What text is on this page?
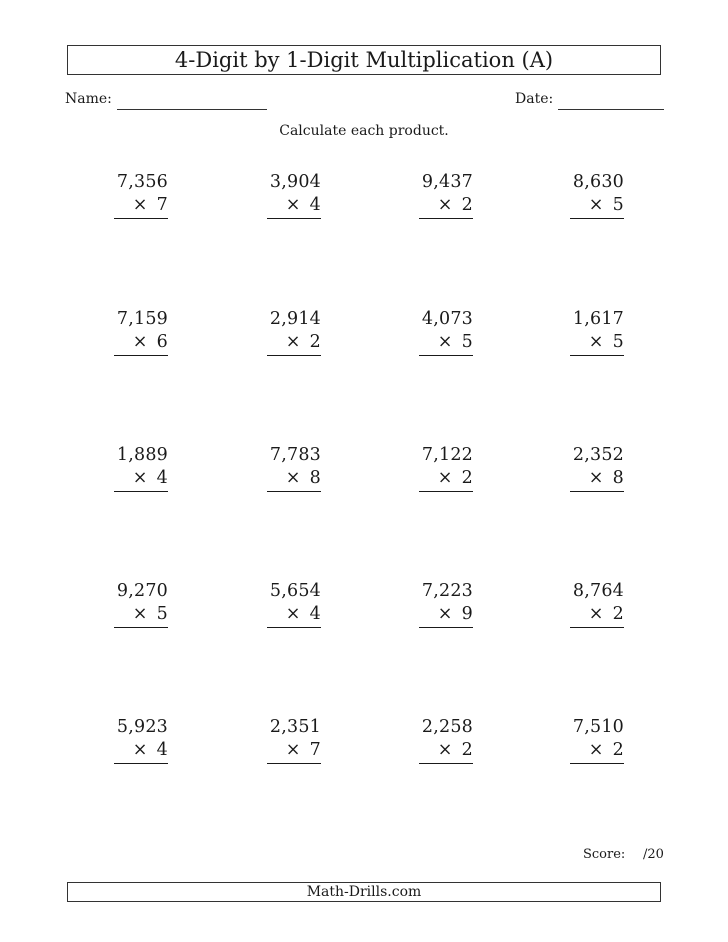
4-Digit by 1-Digit Multiplication (A)
Name:	Date:
Calculate each product.
7,356
× 7
3,904
× 4
9,437
× 2
8,630
× 5
7,159
× 6
2,914
× 2
4,073
× 5
1,617
× 5
1,889
× 4
7,783
× 8
7,122
× 2
2,352
× 8
9,270
× 5
5,654
× 4
7,223
× 9
8,764
× 2
5,923
× 4
2,351
× 7
2,258
× 2
7,510
× 2
Score: /20
Math-Drills.com
